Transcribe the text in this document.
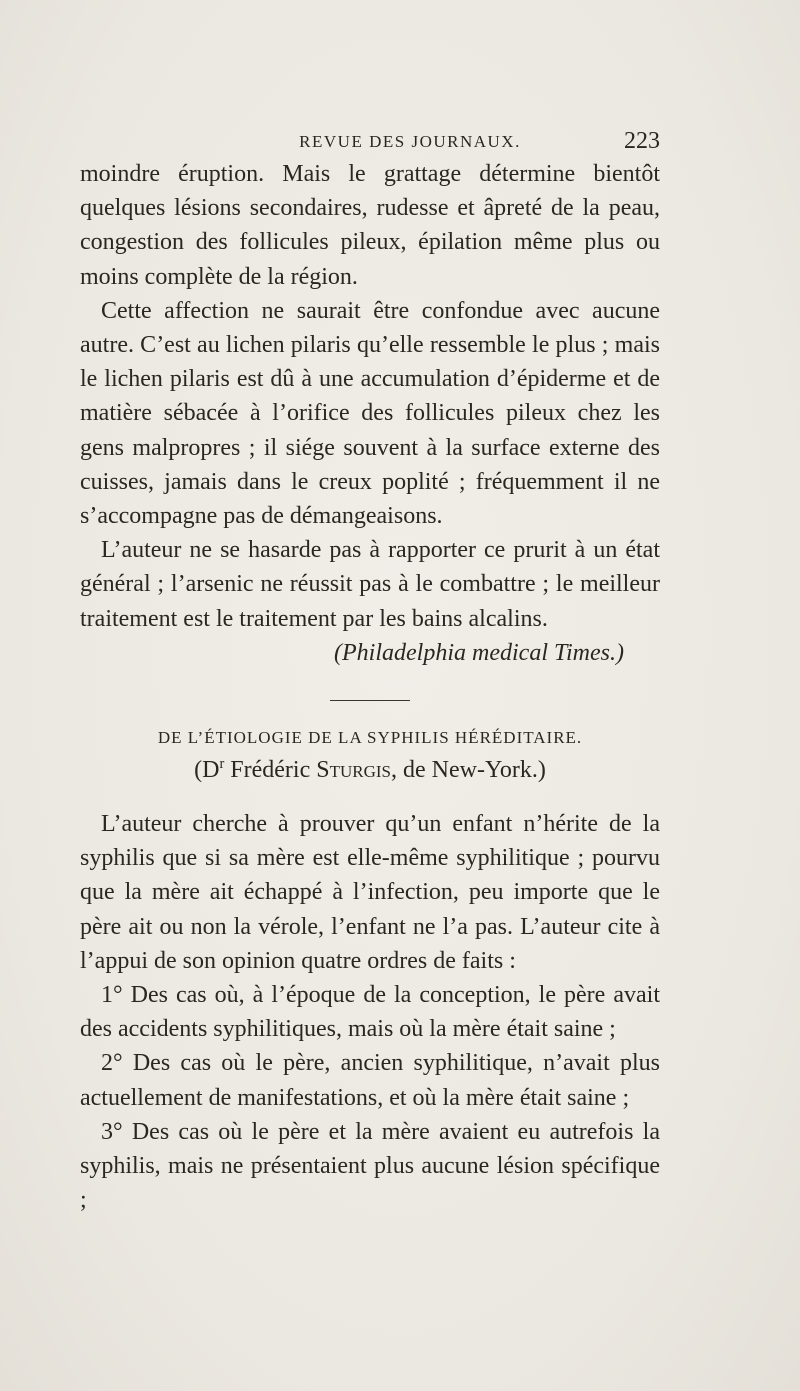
REVUE DES JOURNAUX.	223

moindre éruption. Mais le grattage détermine bientôt quelques lésions secondaires, rudesse et âpreté de la peau, congestion des follicules pileux, épilation même plus ou moins complète de la région.

Cette affection ne saurait être confondue avec aucune autre. C’est au lichen pilaris qu’elle ressemble le plus ; mais le lichen pilaris est dû à une accumulation d’épiderme et de matière sébacée à l’orifice des follicules pileux chez les gens malpropres ; il siége souvent à la surface externe des cuisses, jamais dans le creux poplité ; fréquemment il ne s’accompagne pas de démangeaisons.

L’auteur ne se hasarde pas à rapporter ce prurit à un état général ; l’arsenic ne réussit pas à le combattre ; le meilleur traitement est le traitement par les bains alcalins.

(Philadelphia medical Times.)

DE L’ÉTIOLOGIE DE LA SYPHILIS HÉRÉDITAIRE.

($D^r$ Frédéric Sturgis, de New-York.)

L’auteur cherche à prouver qu’un enfant n’hérite de la syphilis que si sa mère est elle-même syphilitique ; pourvu que la mère ait échappé à l’infection, peu importe que le père ait ou non la vérole, l’enfant ne l’a pas. L’auteur cite à l’appui de son opinion quatre ordres de faits :

1° Des cas où, à l’époque de la conception, le père avait des accidents syphilitiques, mais où la mère était saine ;

2° Des cas où le père, ancien syphilitique, n’avait plus actuellement de manifestations, et où la mère était saine ;

3° Des cas où le père et la mère avaient eu autrefois la syphilis, mais ne présentaient plus aucune lésion spécifique ;
